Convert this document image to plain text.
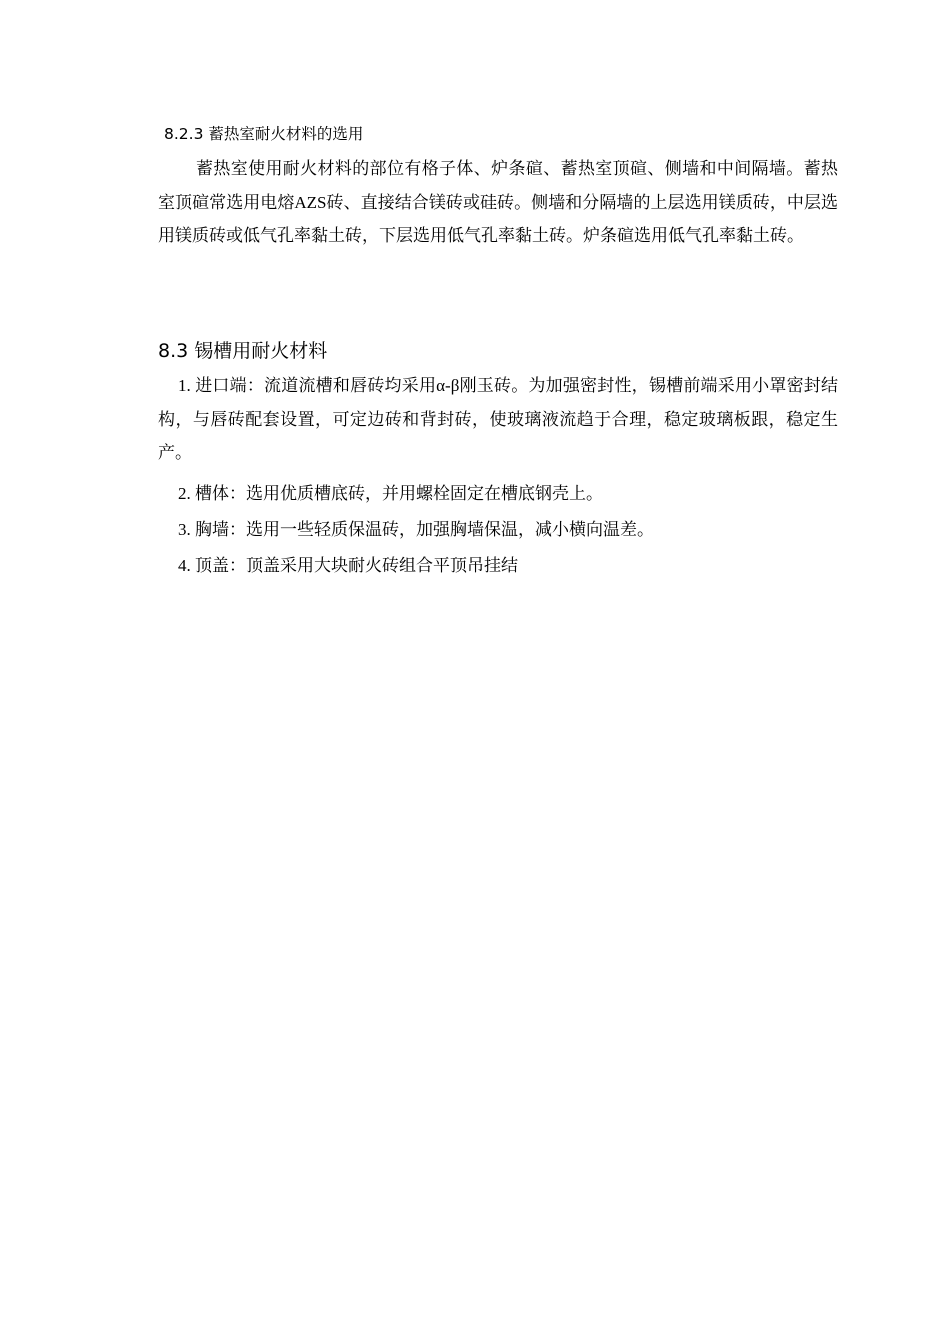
8.2.3 蓄热室耐火材料的选用
蓄热室使用耐火材料的部位有格子体、炉条碹、蓄热室顶碹、侧墙和中间隔墙。蓄热室顶碹常选用电熔AZS砖、直接结合镁砖或硅砖。侧墙和分隔墙的上层选用镁质砖，中层选用镁质砖或低气孔率黏土砖，下层选用低气孔率黏土砖。炉条碹选用低气孔率黏土砖。
8.3 锡槽用耐火材料
1. 进口端：流道流槽和唇砖均采用α-β刚玉砖。为加强密封性，锡槽前端采用小罩密封结构，与唇砖配套设置，可定边砖和背封砖，使玻璃液流趋于合理，稳定玻璃板跟，稳定生产。
2. 槽体：选用优质槽底砖，并用螺栓固定在槽底钢壳上。
3. 胸墙：选用一些轻质保温砖，加强胸墙保温，减小横向温差。
4. 顶盖：顶盖采用大块耐火砖组合平顶吊挂结
